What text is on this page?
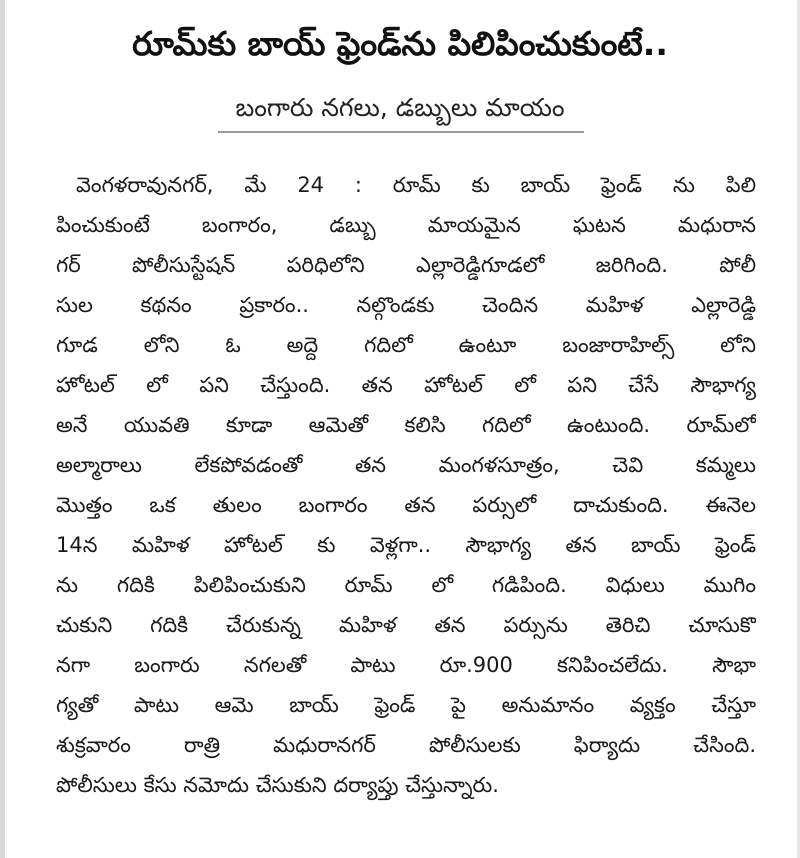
రూమ్‌కు బాయ్ ఫ్రెండ్‌ను పిలిపించుకుంటే..
బంగారు నగలు, డబ్బులు మాయం
వెంగళరావునగర్, మే 24 : రూమ్ కు బాయ్ ఫ్రెండ్ ను పిలి
పించుకుంటే బంగారం, డబ్బు మాయమైన ఘటన మధురాన
గర్ పోలీసుస్టేషన్ పరిధిలోని ఎల్లారెడ్డిగూడలో జరిగింది. పోలీ
సుల కథనం ప్రకారం.. నల్గొండకు చెందిన మహిళ ఎల్లారెడ్డి
గూడ లోని ఓ అద్దె గదిలో ఉంటూ బంజారాహిల్స్ లోని
హోటల్ లో పని చేస్తుంది. తన హోటల్ లో పని చేసే సౌభాగ్య
అనే యువతి కూడా ఆమెతో కలిసి గదిలో ఉంటుంది. రూమ్‌లో
అల్మారాలు లేకపోవడంతో తన మంగళసూత్రం, చెవి కమ్మలు
మొత్తం ఒక తులం బంగారం తన పర్సులో దాచుకుంది. ఈనెల
14న మహిళ హోటల్ కు వెళ్లగా.. సౌభాగ్య తన బాయ్ ఫ్రెండ్
ను గదికి పిలిపించుకుని రూమ్ లో గడిపింది. విధులు ముగిం
చుకుని గదికి చేరుకున్న మహిళ తన పర్సును తెరిచి చూసుకొ
నగా బంగారు నగలతో పాటు రూ.900 కనిపించలేదు. సౌభా
గ్యతో పాటు ఆమె బాయ్ ఫ్రెండ్ పై అనుమానం వ్యక్తం చేస్తూ
శుక్రవారం రాత్రి మధురానగర్ పోలీసులకు ఫిర్యాదు చేసింది.
పోలీసులు కేసు నమోదు చేసుకుని దర్యాప్తు చేస్తున్నారు.
